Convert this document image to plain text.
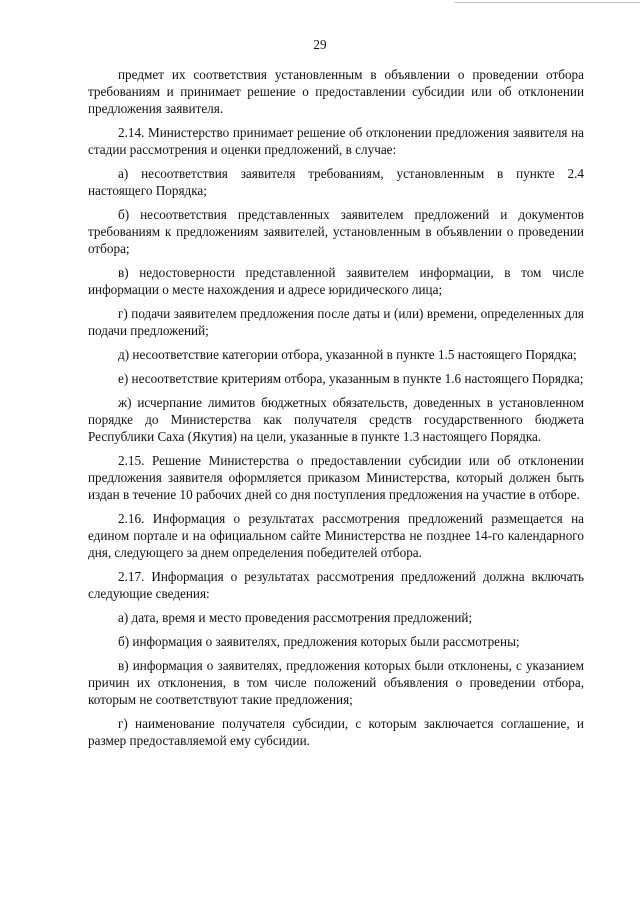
29

предмет их соответствия установленным в объявлении о проведении отбора требованиям и принимает решение о предоставлении субсидии или об отклонении предложения заявителя.

2.14. Министерство принимает решение об отклонении предложения заявителя на стадии рассмотрения и оценки предложений, в случае:

а) несоответствия заявителя требованиям, установленным в пункте 2.4 настоящего Порядка;

б) несоответствия представленных заявителем предложений и документов требованиям к предложениям заявителей, установленным в объявлении о проведении отбора;

в) недостоверности представленной заявителем информации, в том числе информации о месте нахождения и адресе юридического лица;

г) подачи заявителем предложения после даты и (или) времени, определенных для подачи предложений;

д) несоответствие категории отбора, указанной в пункте 1.5 настоящего Порядка;

е) несоответствие критериям отбора, указанным в пункте 1.6 настоящего Порядка;

ж) исчерпание лимитов бюджетных обязательств, доведенных в установленном порядке до Министерства как получателя средств государственного бюджета Республики Саха (Якутия) на цели, указанные в пункте 1.3 настоящего Порядка.

2.15. Решение Министерства о предоставлении субсидии или об отклонении предложения заявителя оформляется приказом Министерства, который должен быть издан в течение 10 рабочих дней со дня поступления предложения на участие в отборе.

2.16. Информация о результатах рассмотрения предложений размещается на едином портале и на официальном сайте Министерства не позднее 14-го календарного дня, следующего за днем определения победителей отбора.

2.17. Информация о результатах рассмотрения предложений должна включать следующие сведения:

а) дата, время и место проведения рассмотрения предложений;

б) информация о заявителях, предложения которых были рассмотрены;

в) информация о заявителях, предложения которых были отклонены, с указанием причин их отклонения, в том числе положений объявления о проведении отбора, которым не соответствуют такие предложения;

г) наименование получателя субсидии, с которым заключается соглашение, и размер предоставляемой ему субсидии.
